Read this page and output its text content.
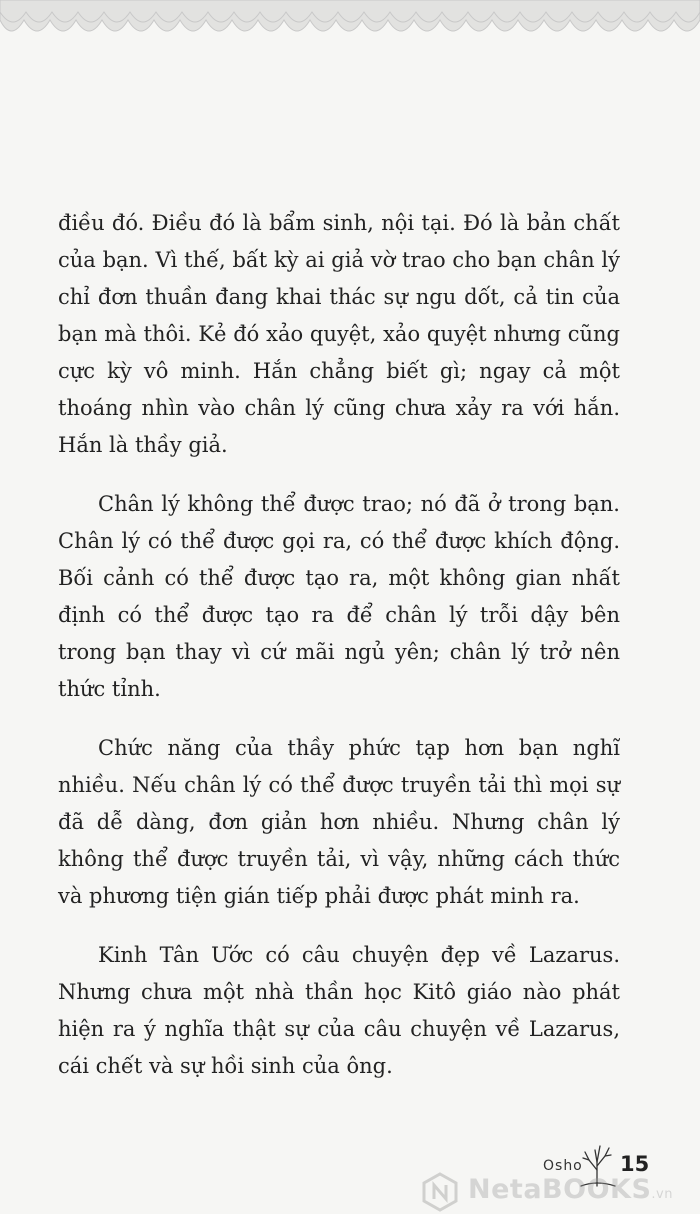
điều đó. Điều đó là bẩm sinh, nội tại. Đó là bản chất của bạn. Vì thế, bất kỳ ai giả vờ trao cho bạn chân lý chỉ đơn thuần đang khai thác sự ngu dốt, cả tin của bạn mà thôi. Kẻ đó xảo quyệt, xảo quyệt nhưng cũng cực kỳ vô minh. Hắn chẳng biết gì; ngay cả một thoáng nhìn vào chân lý cũng chưa xảy ra với hắn. Hắn là thầy giả.

Chân lý không thể được trao; nó đã ở trong bạn. Chân lý có thể được gọi ra, có thể được khích động. Bối cảnh có thể được tạo ra, một không gian nhất định có thể được tạo ra để chân lý trỗi dậy bên trong bạn thay vì cứ mãi ngủ yên; chân lý trở nên thức tỉnh.

Chức năng của thầy phức tạp hơn bạn nghĩ nhiều. Nếu chân lý có thể được truyền tải thì mọi sự đã dễ dàng, đơn giản hơn nhiều. Nhưng chân lý không thể được truyền tải, vì vậy, những cách thức và phương tiện gián tiếp phải được phát minh ra.

Kinh Tân Ước có câu chuyện đẹp về Lazarus. Nhưng chưa một nhà thần học Kitô giáo nào phát hiện ra ý nghĩa thật sự của câu chuyện về Lazarus, cái chết và sự hồi sinh của ông.

Osho 15
NetaBOOKS.vn
